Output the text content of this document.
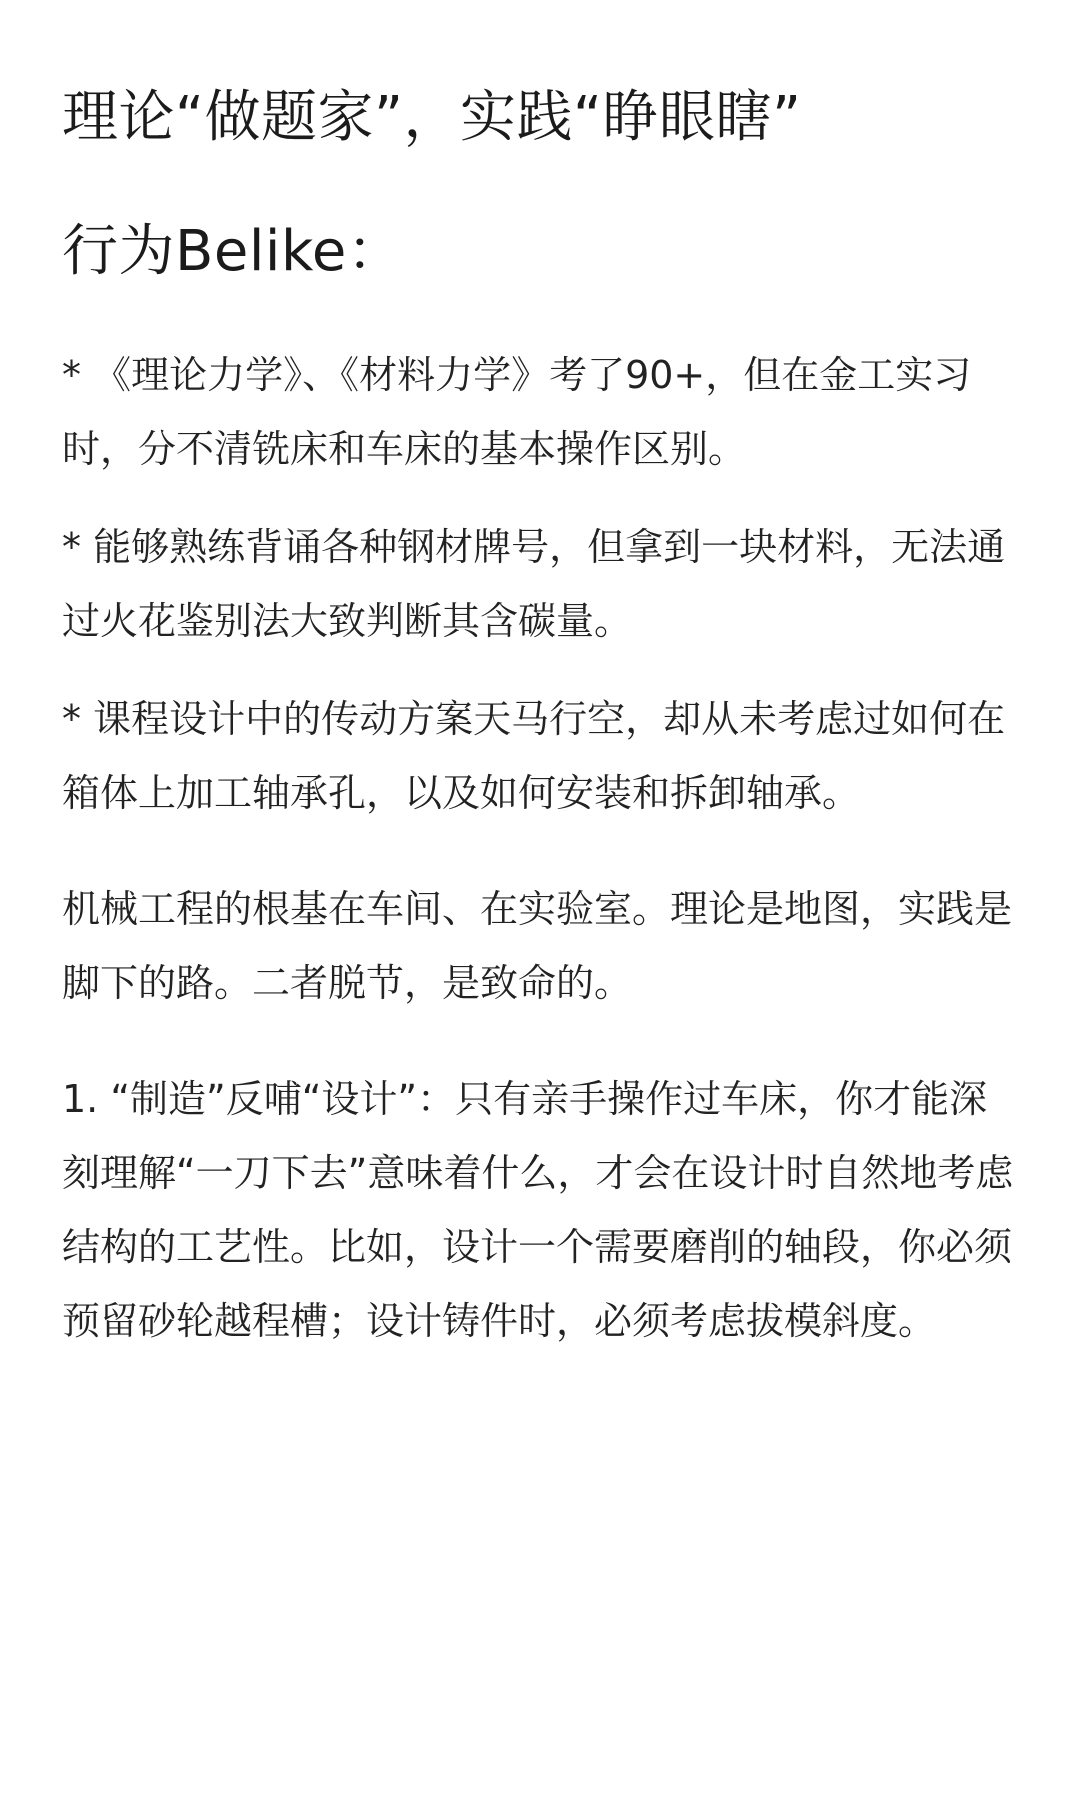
理论“做题家”，实践“睁眼瞎”
行为Belike：

* 《理论力学》、《材料力学》考了90+，但在金工实习时，分不清铣床和车床的基本操作区别。

* 能够熟练背诵各种钢材牌号，但拿到一块材料，无法通过火花鉴别法大致判断其含碳量。

* 课程设计中的传动方案天马行空，却从未考虑过如何在箱体上加工轴承孔，以及如何安装和拆卸轴承。

机械工程的根基在车间、在实验室。理论是地图，实践是脚下的路。二者脱节，是致命的。

1. “制造”反哺“设计”：只有亲手操作过车床，你才能深刻理解“一刀下去”意味着什么，才会在设计时自然地考虑结构的工艺性。比如，设计一个需要磨削的轴段，你必须预留砂轮越程槽；设计铸件时，必须考虑拔模斜度。
